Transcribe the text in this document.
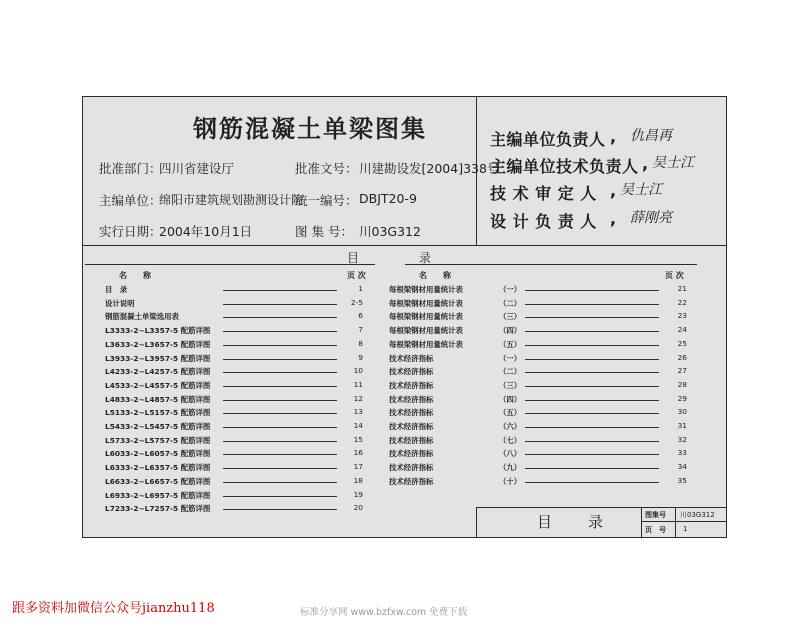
钢筋混凝土单梁图集
批准部门：
四川省建设厅	批准文号： 川建勘设发[2004]338号
主编单位：
绵阳市建筑规划勘测设计院
统一编号： DBJT20-9
实行日期：
2004年10月1日	图 集 号： 川03G312
主编单位负责人 , 仇昌再
主编单位技术负责人 , 吴士江
技 术 审 定 人 , 吴士江
设 计 负 责 人 , 薛刚亮
目　　　　　录
名　　称	页 次	名　　称	页 次
目　录	1
设计说明	2-5
钢筋混凝土单梁选用表	6
L3333-2~L3357-5 配筋详图	7
L3633-2~L3657-5 配筋详图	8
L3933-2~L3957-5 配筋详图	9
L4233-2~L4257-5 配筋详图	10
L4533-2~L4557-5 配筋详图	11
L4833-2~L4857-5 配筋详图	12
L5133-2~L5157-5 配筋详图	13
L5433-2~L5457-5 配筋详图	14
L5733-2~L5757-5 配筋详图	15
L6033-2~L6057-5 配筋详图	16
L6333-2~L6357-5 配筋详图	17
L6633-2~L6657-5 配筋详图	18
L6933-2~L6957-5 配筋详图	19
L7233-2~L7257-5 配筋详图	20
每根梁钢材用量统计表	（一）	21
每根梁钢材用量统计表	（二）	22
每根梁钢材用量统计表	（三）	23
每根梁钢材用量统计表	（四）	24
每根梁钢材用量统计表	（五）	25
技术经济指标	（一）	26
技术经济指标	（二）	27
技术经济指标	（三）	28
技术经济指标	（四）	29
技术经济指标	（五）	30
技术经济指标	（六）	31
技术经济指标	（七）	32
技术经济指标	（八）	33
技术经济指标	（九）	34
技术经济指标	（十）	35
目　　录	图集号 川03G312
页　号 1
跟多资料加微信公众号jianzhu118	标准分享网 www.bzfxw.com 免费下载
